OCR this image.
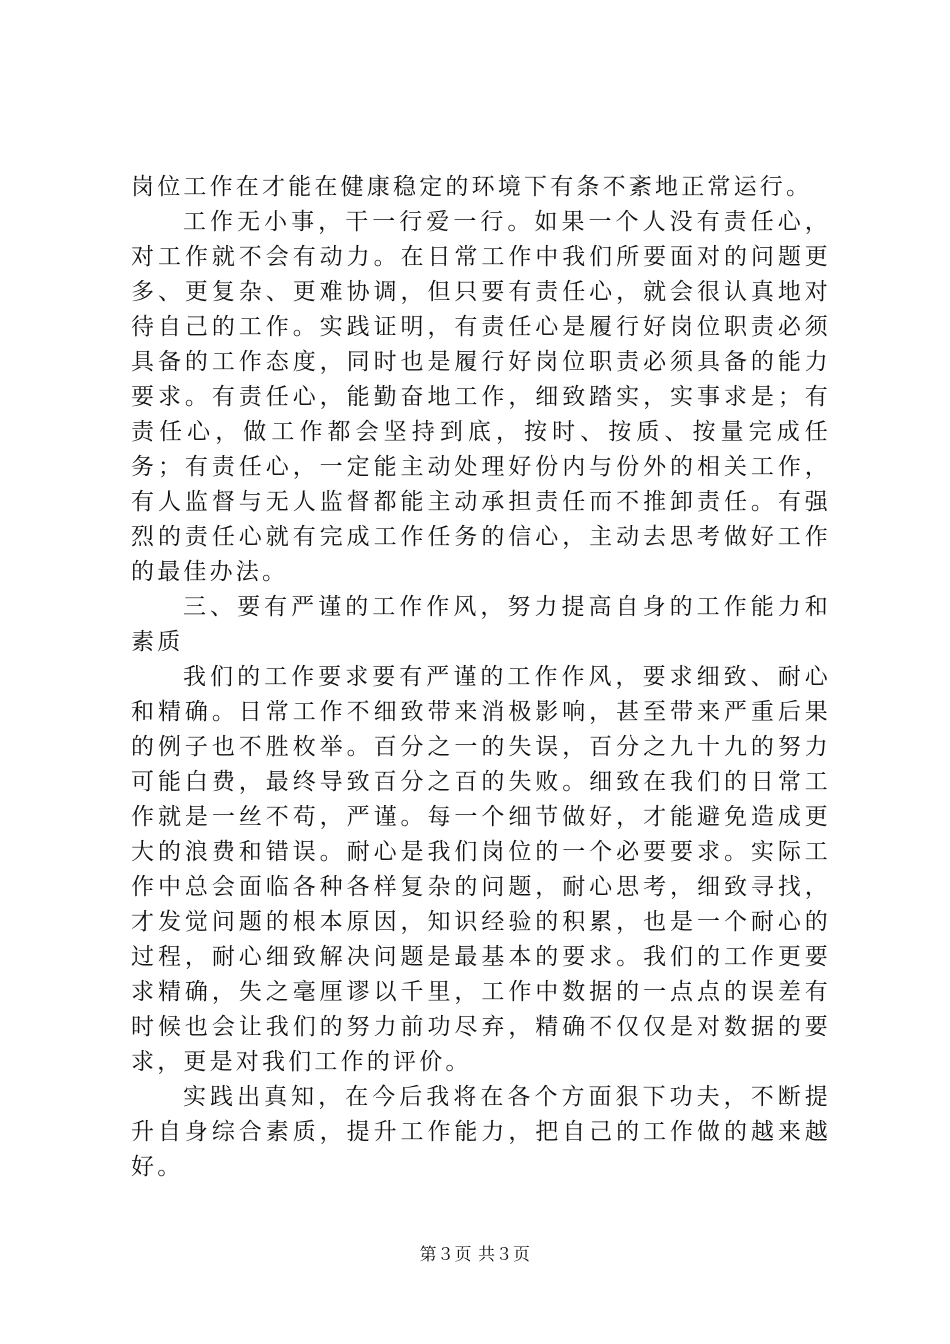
岗位工作在才能在健康稳定的环境下有条不紊地正常运行。

工作无小事，干一行爱一行。如果一个人没有责任心，对工作就不会有动力。在日常工作中我们所要面对的问题更多、更复杂、更难协调，但只要有责任心，就会很认真地对待自己的工作。实践证明，有责任心是履行好岗位职责必须具备的工作态度，同时也是履行好岗位职责必须具备的能力要求。有责任心，能勤奋地工作，细致踏实，实事求是；有责任心，做工作都会坚持到底，按时、按质、按量完成任务；有责任心，一定能主动处理好份内与份外的相关工作，有人监督与无人监督都能主动承担责任而不推卸责任。有强烈的责任心就有完成工作任务的信心，主动去思考做好工作的最佳办法。

三、要有严谨的工作作风，努力提高自身的工作能力和素质

我们的工作要求要有严谨的工作作风，要求细致、耐心和精确。日常工作不细致带来消极影响，甚至带来严重后果的例子也不胜枚举。百分之一的失误，百分之九十九的努力可能白费，最终导致百分之百的失败。细致在我们的日常工作就是一丝不苟，严谨。每一个细节做好，才能避免造成更大的浪费和错误。耐心是我们岗位的一个必要要求。实际工作中总会面临各种各样复杂的问题，耐心思考，细致寻找，才发觉问题的根本原因，知识经验的积累，也是一个耐心的过程，耐心细致解决问题是最基本的要求。我们的工作更要求精确，失之毫厘谬以千里，工作中数据的一点点的误差有时候也会让我们的努力前功尽弃，精确不仅仅是对数据的要求，更是对我们工作的评价。

实践出真知，在今后我将在各个方面狠下功夫，不断提升自身综合素质，提升工作能力，把自己的工作做的越来越好。

第３页 共３页
